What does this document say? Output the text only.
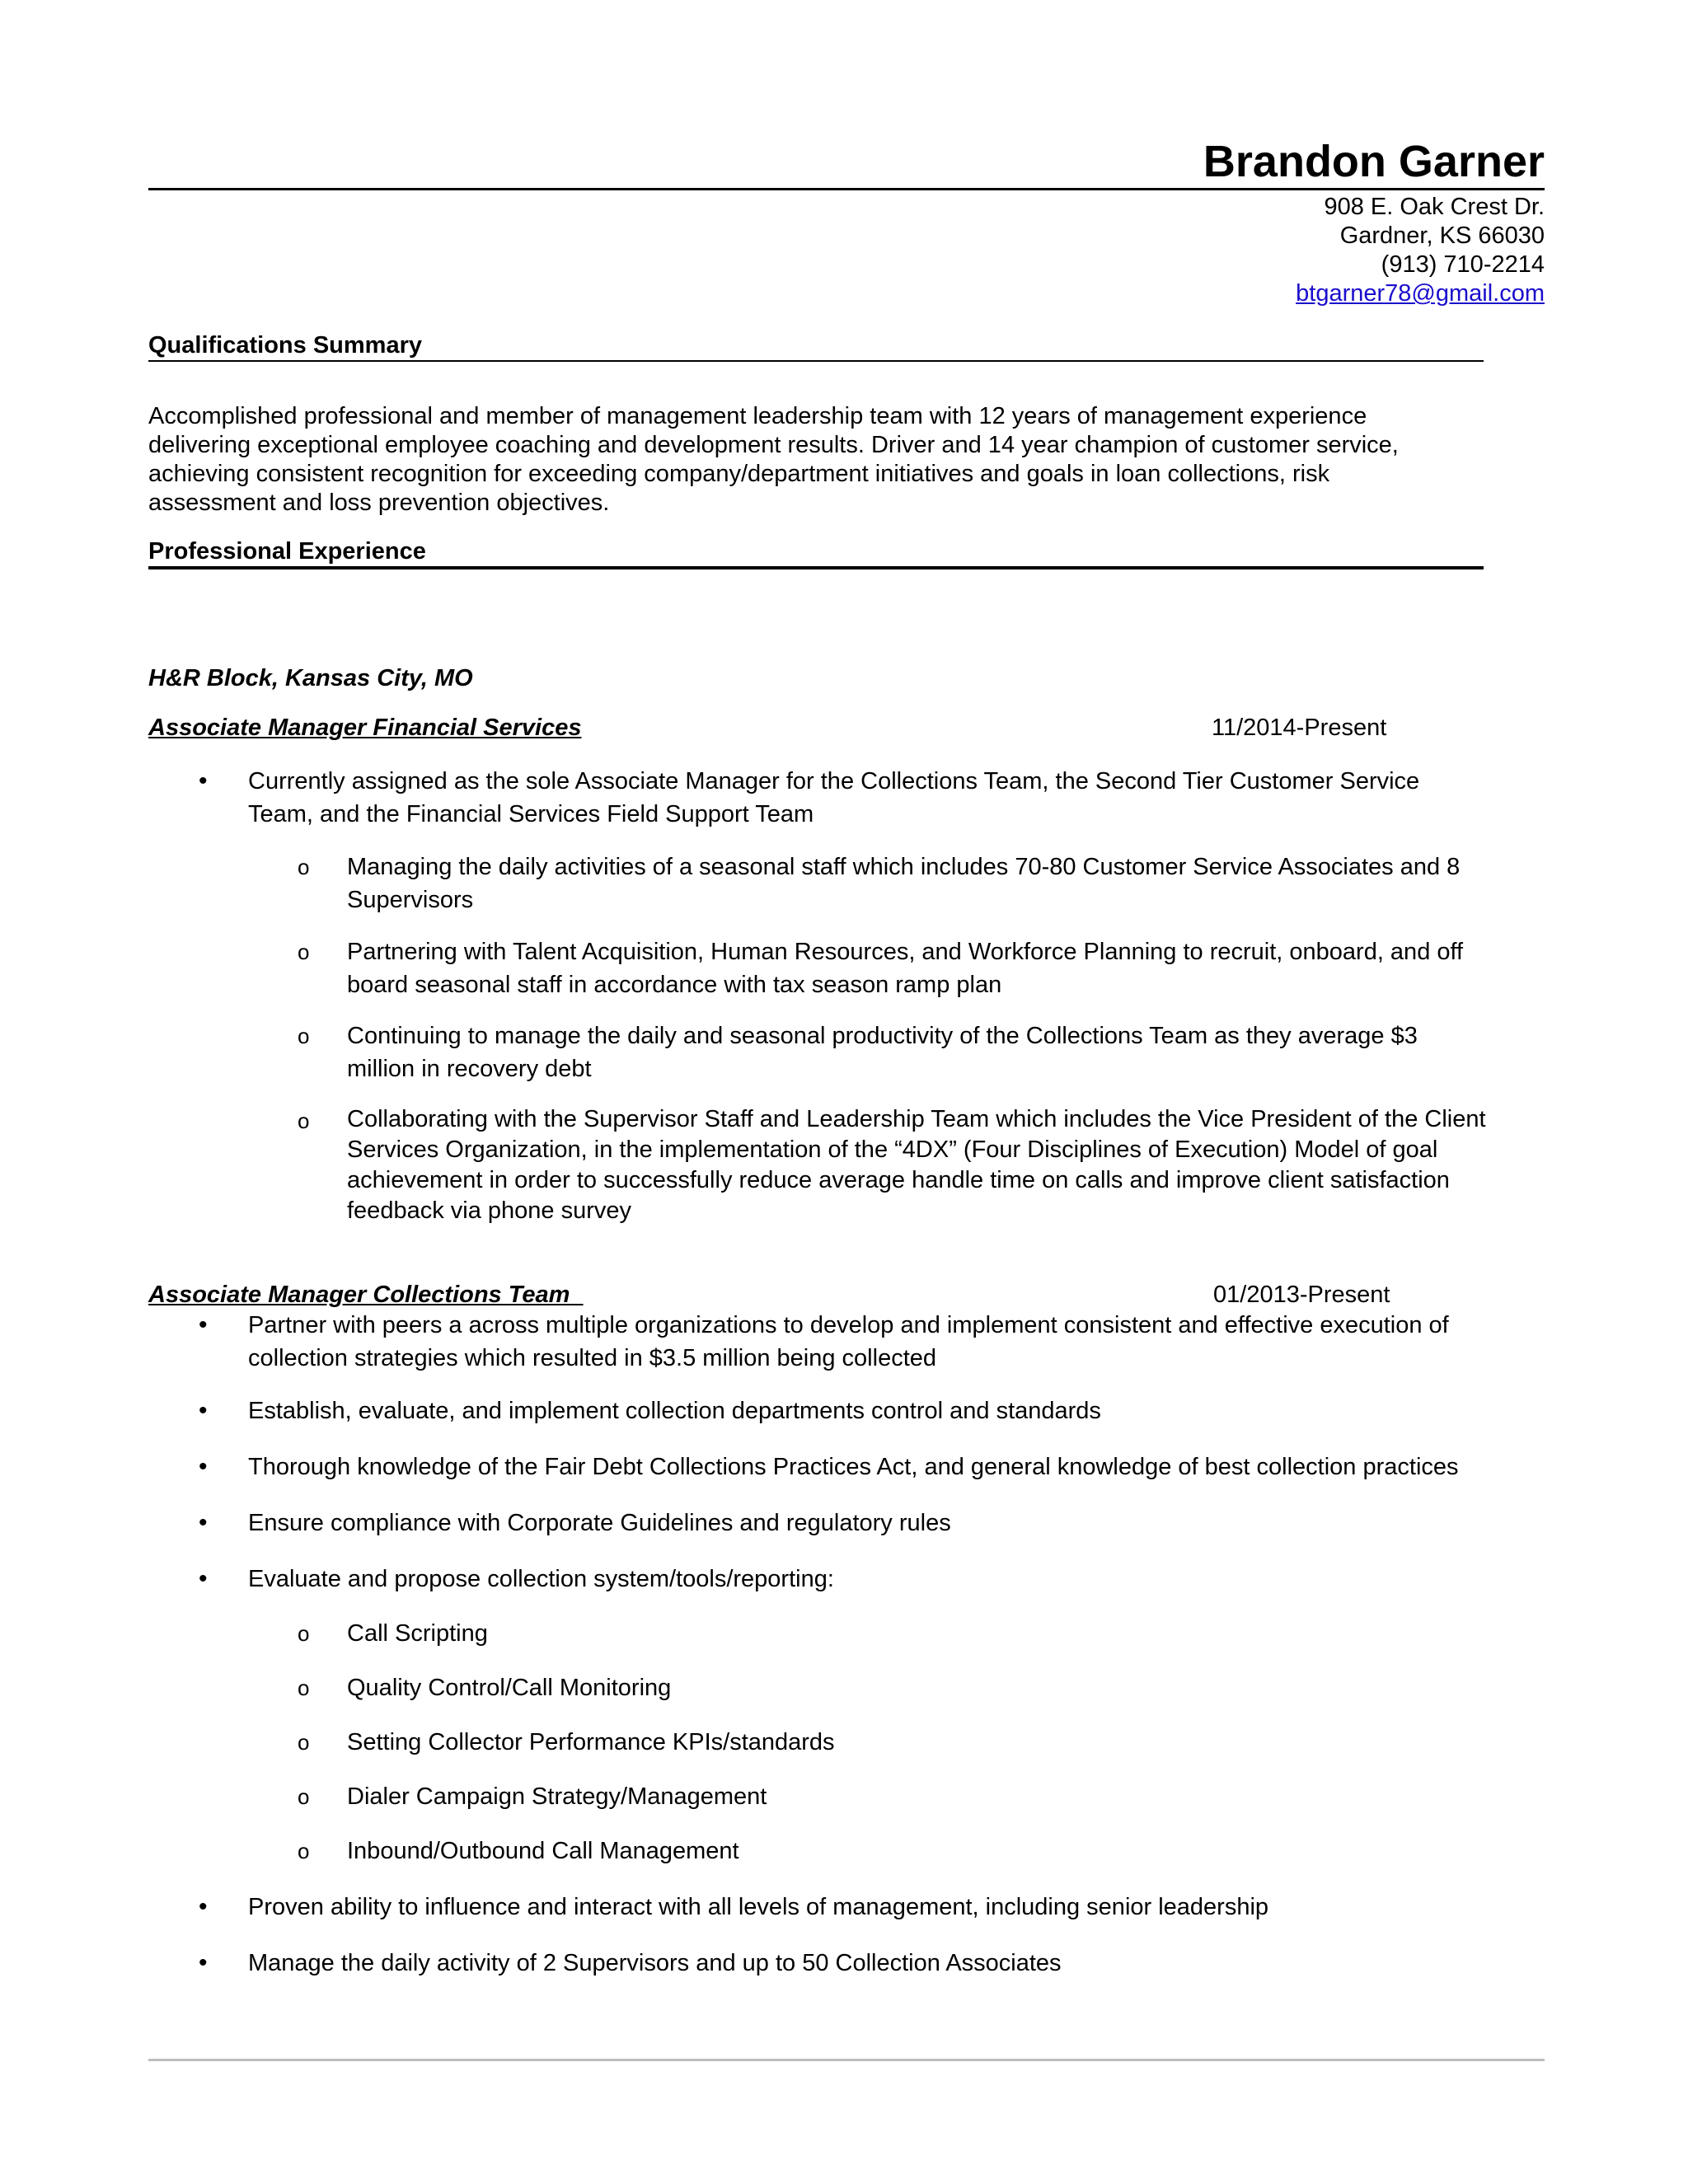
Brandon Garner
908 E. Oak Crest Dr.
Gardner, KS 66030
(913) 710-2214
btgarner78@gmail.com
Qualifications Summary
Accomplished professional and member of management leadership team with 12 years of management experience
delivering exceptional employee coaching and development results. Driver and 14 year champion of customer service,
achieving consistent recognition for exceeding company/department initiatives and goals in loan collections, risk
assessment and loss prevention objectives.
Professional Experience
H&R Block, Kansas City, MO
Associate Manager Financial Services	11/2014-Present
• Currently assigned as the sole Associate Manager for the Collections Team, the Second Tier Customer Service
Team, and the Financial Services Field Support Team
o Managing the daily activities of a seasonal staff which includes 70-80 Customer Service Associates and 8
Supervisors
o Partnering with Talent Acquisition, Human Resources, and Workforce Planning to recruit, onboard, and off
board seasonal staff in accordance with tax season ramp plan
o Continuing to manage the daily and seasonal productivity of the Collections Team as they average $3
million in recovery debt
o Collaborating with the Supervisor Staff and Leadership Team which includes the Vice President of the Client
Services Organization, in the implementation of the “4DX” (Four Disciplines of Execution) Model of goal
achievement in order to successfully reduce average handle time on calls and improve client satisfaction
feedback via phone survey
Associate Manager Collections Team	01/2013-Present
• Partner with peers a across multiple organizations to develop and implement consistent and effective execution of
collection strategies which resulted in $3.5 million being collected
• Establish, evaluate, and implement collection departments control and standards
• Thorough knowledge of the Fair Debt Collections Practices Act, and general knowledge of best collection practices
• Ensure compliance with Corporate Guidelines and regulatory rules
• Evaluate and propose collection system/tools/reporting:
o Call Scripting
o Quality Control/Call Monitoring
o Setting Collector Performance KPIs/standards
o Dialer Campaign Strategy/Management
o Inbound/Outbound Call Management
• Proven ability to influence and interact with all levels of management, including senior leadership
• Manage the daily activity of 2 Supervisors and up to 50 Collection Associates
